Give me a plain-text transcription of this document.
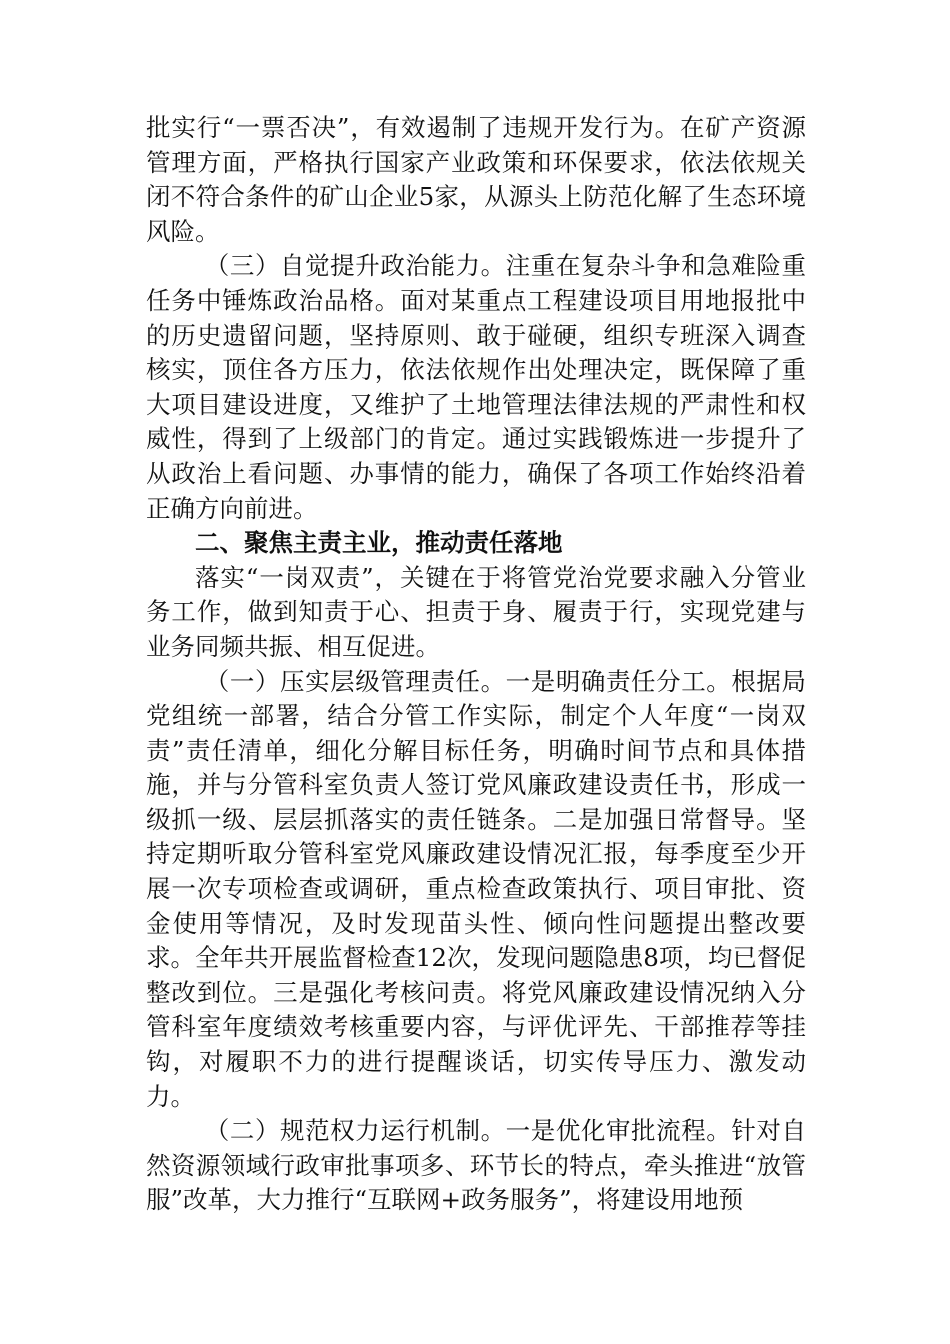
批实行“一票否决”，有效遏制了违规开发行为。在矿产资源管理方面，严格执行国家产业政策和环保要求，依法依规关闭不符合条件的矿山企业5家，从源头上防范化解了生态环境风险。

（三）自觉提升政治能力。注重在复杂斗争和急难险重任务中锤炼政治品格。面对某重点工程建设项目用地报批中的历史遗留问题，坚持原则、敢于碰硬，组织专班深入调查核实，顶住各方压力，依法依规作出处理决定，既保障了重大项目建设进度，又维护了土地管理法律法规的严肃性和权威性，得到了上级部门的肯定。通过实践锻炼进一步提升了从政治上看问题、办事情的能力，确保了各项工作始终沿着正确方向前进。

二、聚焦主责主业，推动责任落地

落实“一岗双责”，关键在于将管党治党要求融入分管业务工作，做到知责于心、担责于身、履责于行，实现党建与业务同频共振、相互促进。

（一）压实层级管理责任。一是明确责任分工。根据局党组统一部署，结合分管工作实际，制定个人年度“一岗双责”责任清单，细化分解目标任务，明确时间节点和具体措施，并与分管科室负责人签订党风廉政建设责任书，形成一级抓一级、层层抓落实的责任链条。二是加强日常督导。坚持定期听取分管科室党风廉政建设情况汇报，每季度至少开展一次专项检查或调研，重点检查政策执行、项目审批、资金使用等情况，及时发现苗头性、倾向性问题提出整改要求。全年共开展监督检查12次，发现问题隐患8项，均已督促整改到位。三是强化考核问责。将党风廉政建设情况纳入分管科室年度绩效考核重要内容，与评优评先、干部推荐等挂钩，对履职不力的进行提醒谈话，切实传导压力、激发动力。

（二）规范权力运行机制。一是优化审批流程。针对自然资源领域行政审批事项多、环节长的特点，牵头推进“放管服”改革，大力推行“互联网+政务服务”，将建设用地预
